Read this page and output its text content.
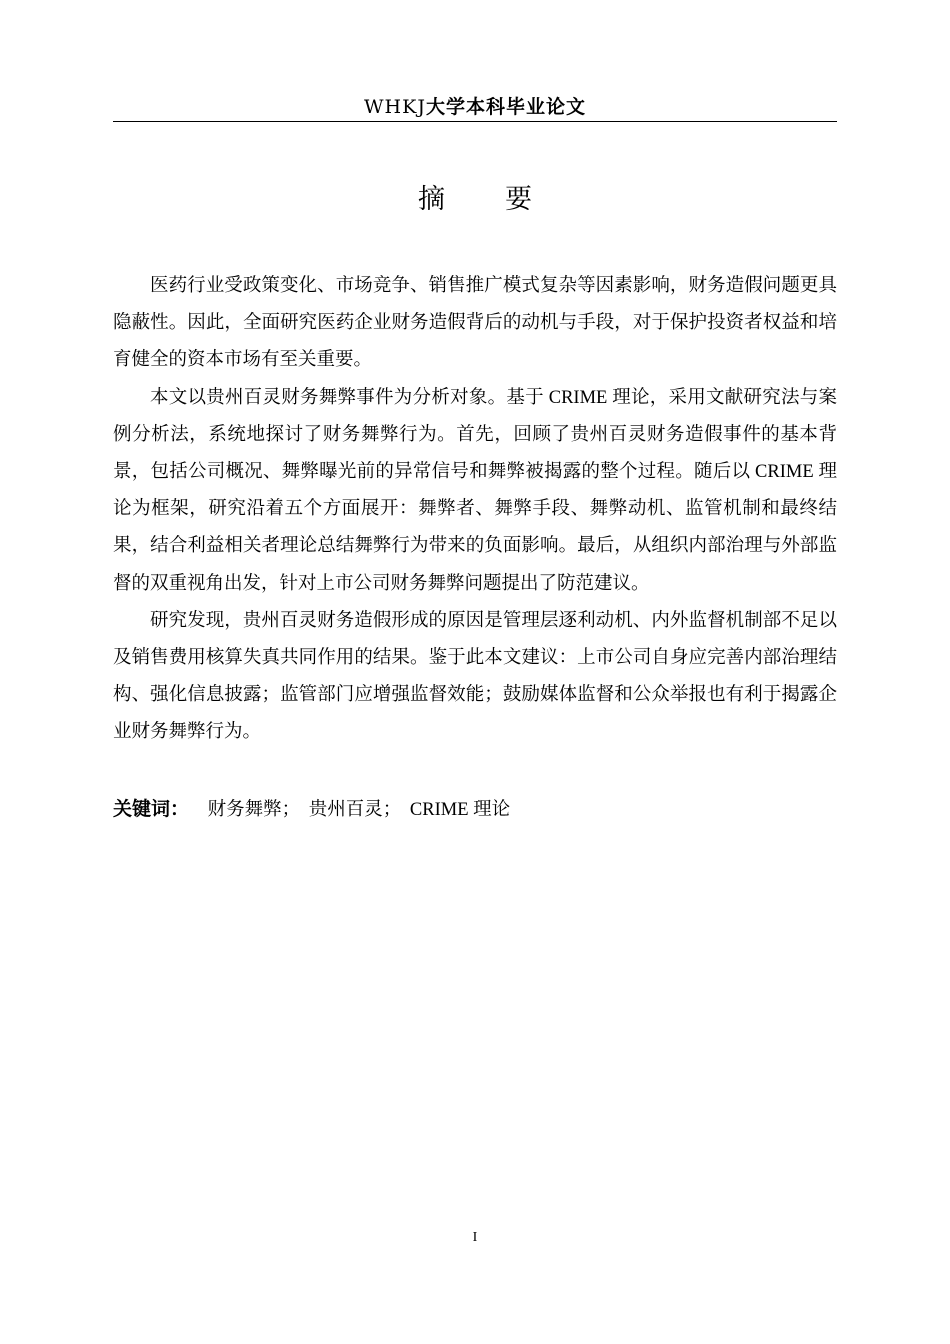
WHKJ大学本科毕业论文
摘要

医药行业受政策变化、市场竞争、销售推广模式复杂等因素影响，财务造假问题更具隐蔽性。因此，全面研究医药企业财务造假背后的动机与手段，对于保护投资者权益和培育健全的资本市场有至关重要。

本文以贵州百灵财务舞弊事件为分析对象。基于 CRIME 理论，采用文献研究法与案例分析法，系统地探讨了财务舞弊行为。首先，回顾了贵州百灵财务造假事件的基本背景，包括公司概况、舞弊曝光前的异常信号和舞弊被揭露的整个过程。随后以 CRIME 理论为框架，研究沿着五个方面展开：舞弊者、舞弊手段、舞弊动机、监管机制和最终结果，结合利益相关者理论总结舞弊行为带来的负面影响。最后，从组织内部治理与外部监督的双重视角出发，针对上市公司财务舞弊问题提出了防范建议。

研究发现，贵州百灵财务造假形成的原因是管理层逐利动机、内外监督机制部不足以及销售费用核算失真共同作用的结果。鉴于此本文建议：上市公司自身应完善内部治理结构、强化信息披露；监管部门应增强监督效能；鼓励媒体监督和公众举报也有利于揭露企业财务舞弊行为。

关键词： 财务舞弊； 贵州百灵； CRIME 理论
I
